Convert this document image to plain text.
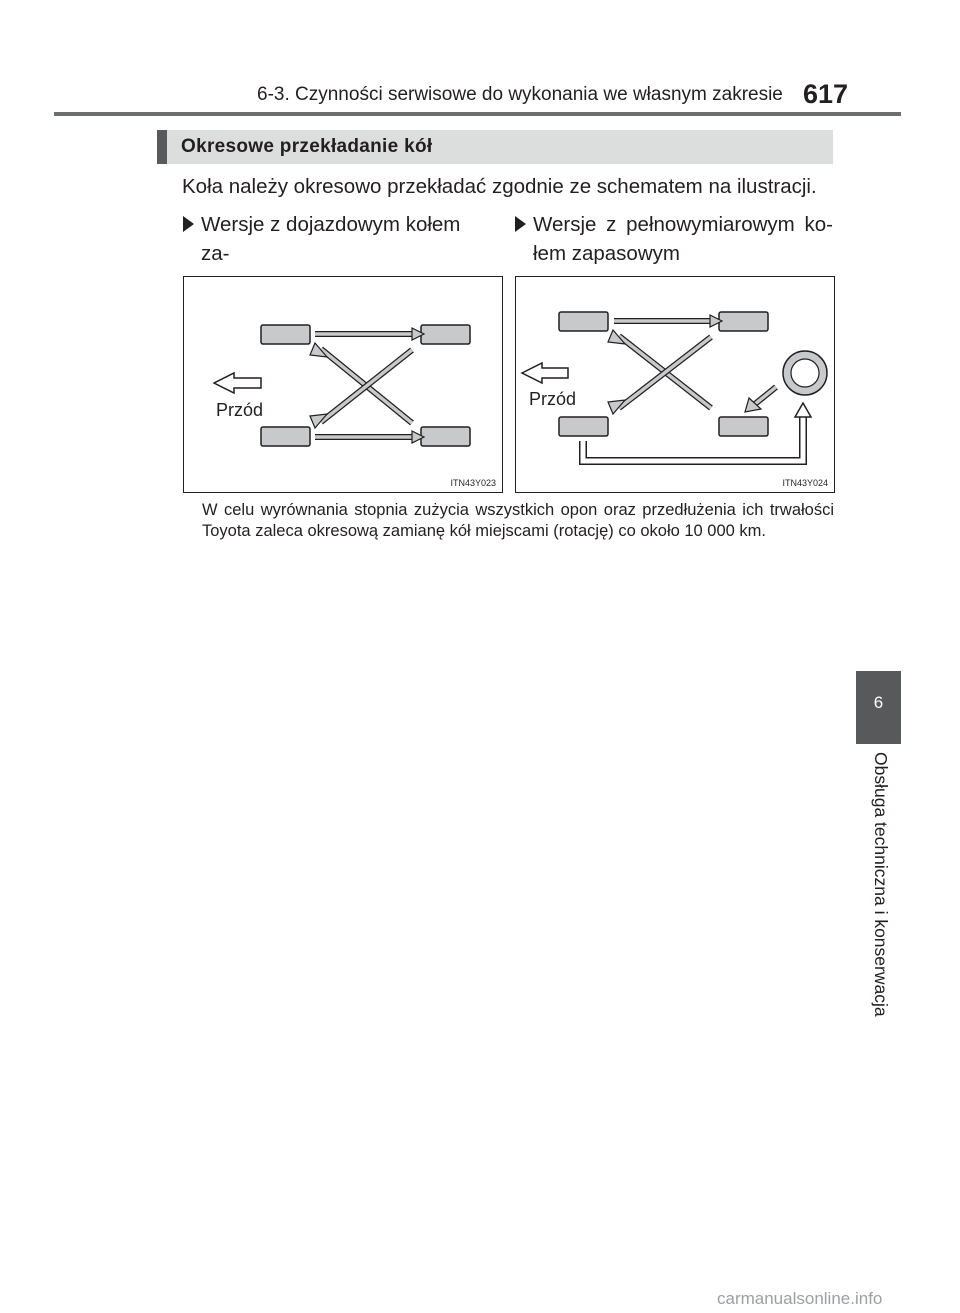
6-3. Czynności serwisowe do wykonania we własnym zakresie 617
Okresowe przekładanie kół
Koła należy okresowo przekładać zgodnie ze schematem na ilustracji.
Wersje z dojazdowym kołem za-
Wersje z pełnowymiarowym ko-
łem zapasowym
Przód
ITN43Y023
Przód
ITN43Y024
W celu wyrównania stopnia zużycia wszystkich opon oraz przedłużenia ich trwałości Toyota zaleca okresową zamianę kół miejscami (rotację) co około 10 000 km.
6
Obsługa techniczna i konserwacja
carmanualsonline.info
